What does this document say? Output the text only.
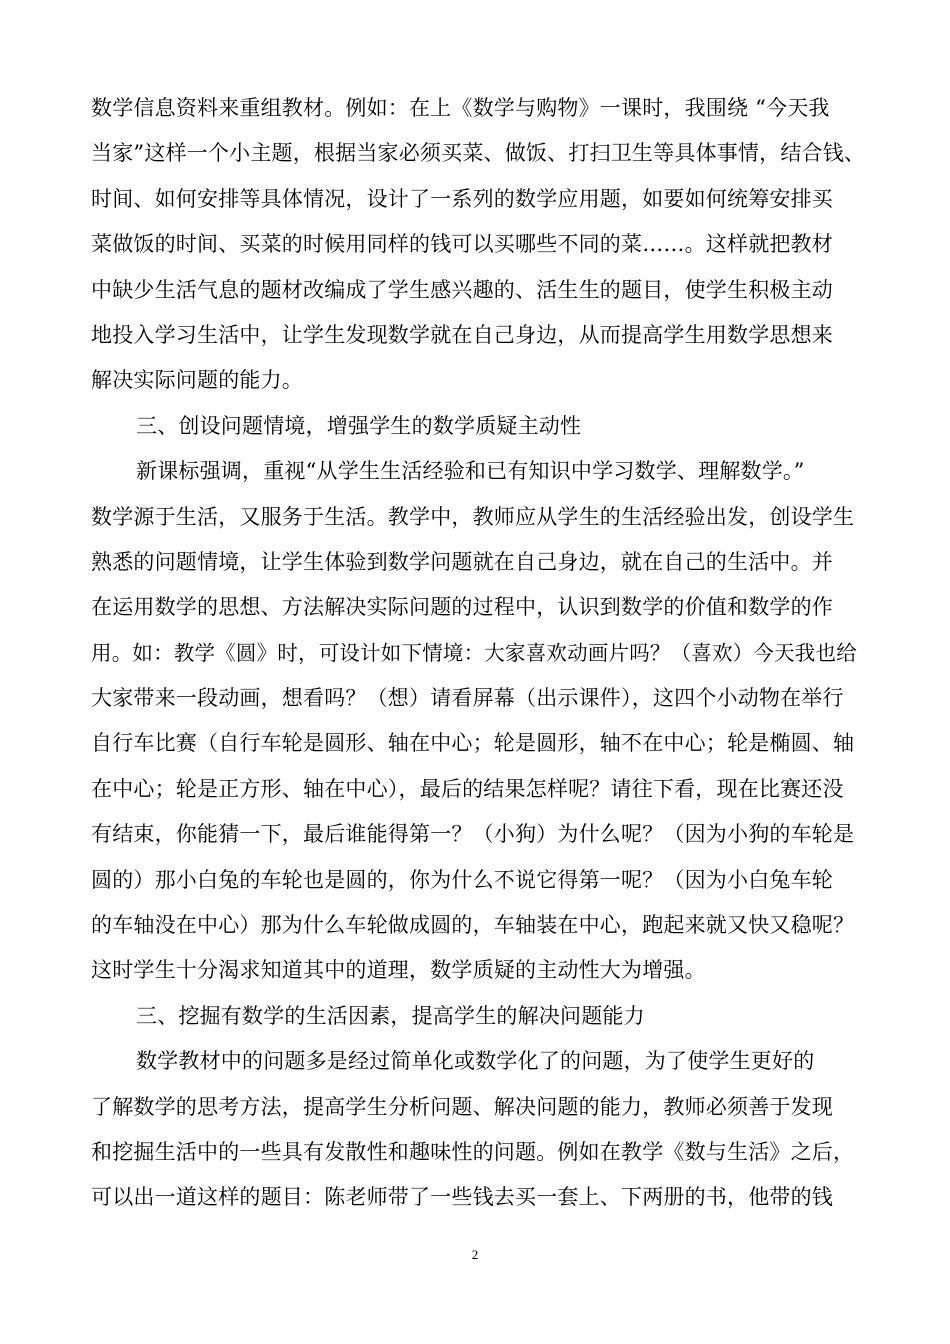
数学信息资料来重组教材。例如：在上《数学与购物》一课时，我围绕 “今天我
当家”这样一个小主题，根据当家必须买菜、做饭、打扫卫生等具体事情，结合钱、
时间、如何安排等具体情况，设计了一系列的数学应用题，如要如何统筹安排买
菜做饭的时间、买菜的时候用同样的钱可以买哪些不同的菜……。这样就把教材
中缺少生活气息的题材改编成了学生感兴趣的、活生生的题目，使学生积极主动
地投入学习生活中，让学生发现数学就在自己身边，从而提高学生用数学思想来
解决实际问题的能力。
三、创设问题情境，增强学生的数学质疑主动性
新课标强调，重视“从学生生活经验和已有知识中学习数学、理解数学。”
数学源于生活，又服务于生活。教学中，教师应从学生的生活经验出发，创设学生
熟悉的问题情境，让学生体验到数学问题就在自己身边，就在自己的生活中。并
在运用数学的思想、方法解决实际问题的过程中，认识到数学的价值和数学的作
用。如：教学《圆》时，可设计如下情境：大家喜欢动画片吗？（喜欢）今天我也给
大家带来一段动画，想看吗？（想）请看屏幕（出示课件），这四个小动物在举行
自行车比赛（自行车轮是圆形、轴在中心；轮是圆形，轴不在中心；轮是椭圆、轴
在中心；轮是正方形、轴在中心），最后的结果怎样呢？请往下看，现在比赛还没
有结束，你能猜一下，最后谁能得第一？（小狗）为什么呢？（因为小狗的车轮是
圆的）那小白兔的车轮也是圆的，你为什么不说它得第一呢？（因为小白兔车轮
的车轴没在中心）那为什么车轮做成圆的，车轴装在中心，跑起来就又快又稳呢？
这时学生十分渴求知道其中的道理，数学质疑的主动性大为增强。
三、挖掘有数学的生活因素，提高学生的解决问题能力
数学教材中的问题多是经过简单化或数学化了的问题，为了使学生更好的
了解数学的思考方法，提高学生分析问题、解决问题的能力，教师必须善于发现
和挖掘生活中的一些具有发散性和趣味性的问题。例如在教学《数与生活》之后，
可以出一道这样的题目：陈老师带了一些钱去买一套上、下两册的书，他带的钱
2
